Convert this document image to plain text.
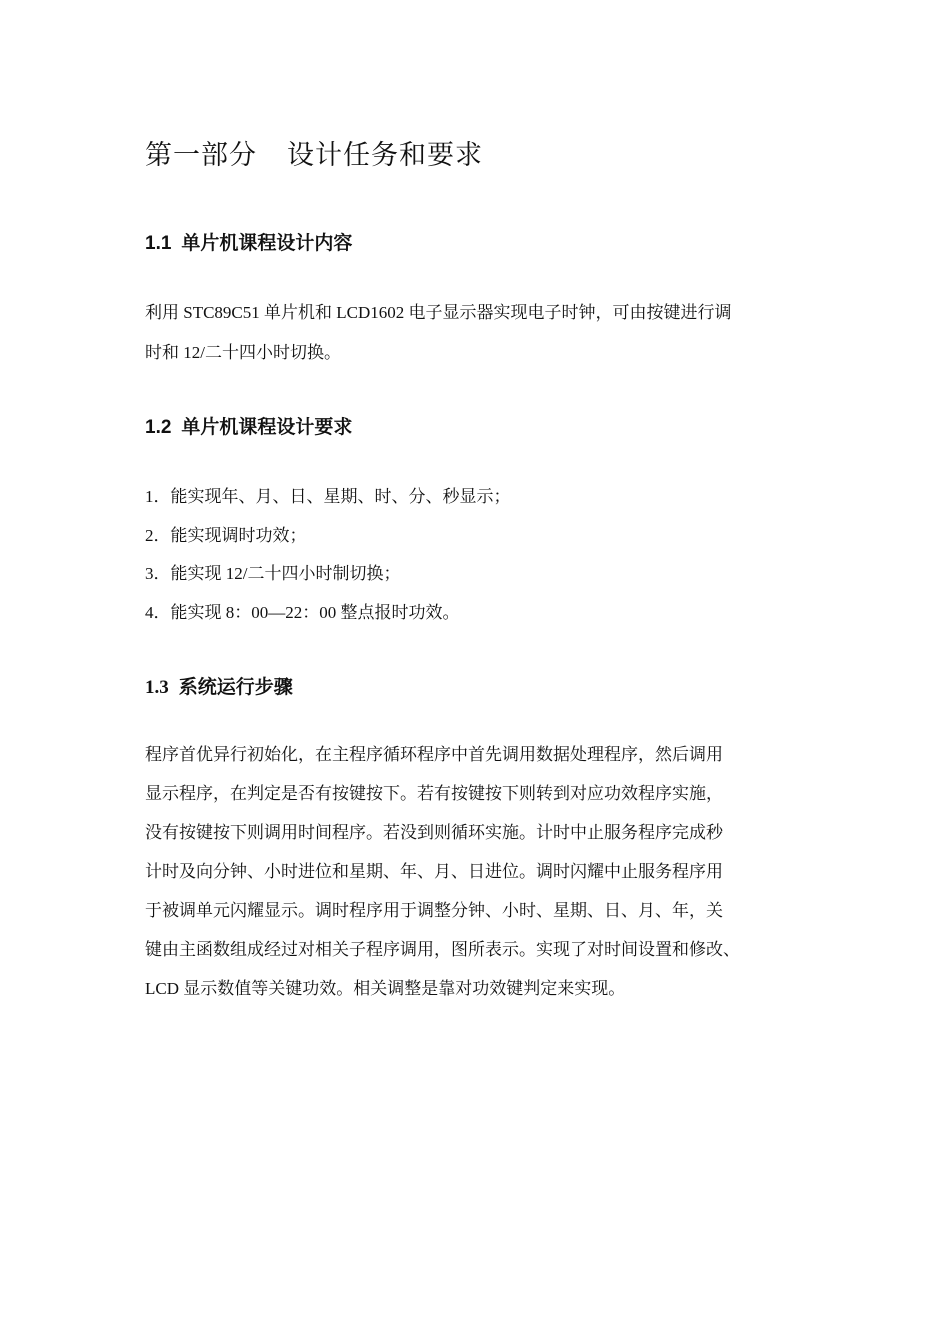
第一部分 设计任务和要求
1.1 单片机课程设计内容

利用 STC89C51 单片机和 LCD1602 电子显示器实现电子时钟，可由按键进行调

时和 12/二十四小时切换。

1.2 单片机课程设计要求

1．能实现年、月、日、星期、时、分、秒显示；

2．能实现调时功效；

3．能实现 12/二十四小时制切换；

4．能实现 8：00—22：00 整点报时功效。

1.3 系统运行步骤

程序首优异行初始化，在主程序循环程序中首先调用数据处理程序，然后调用

显示程序，在判定是否有按键按下。若有按键按下则转到对应功效程序实施，

没有按键按下则调用时间程序。若没到则循环实施。计时中止服务程序完成秒

计时及向分钟、小时进位和星期、年、月、日进位。调时闪耀中止服务程序用

于被调单元闪耀显示。调时程序用于调整分钟、小时、星期、日、月、年，关

键由主函数组成经过对相关子程序调用，图所表示。实现了对时间设置和修改、

LCD 显示数值等关键功效。相关调整是靠对功效键判定来实现。
